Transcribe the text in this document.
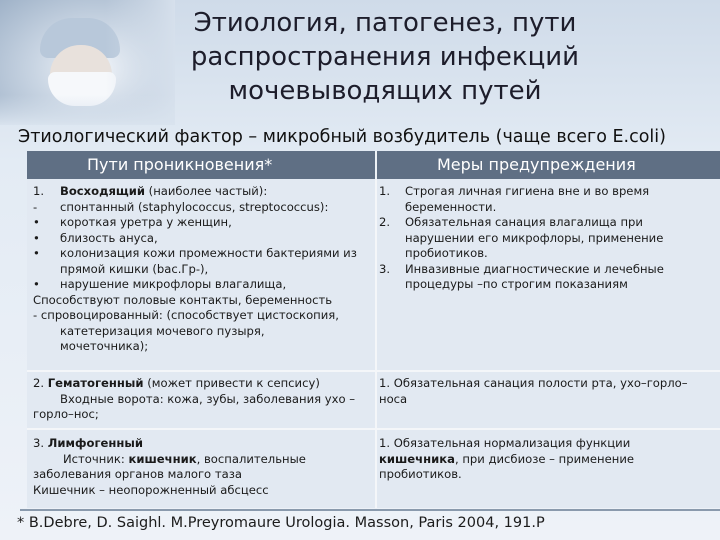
Этиология, патогенез, пути
распространения инфекций
мочевыводящих путей
Этиологический фактор – микробный возбудитель (чаще всего E.coli)
Пути проникновения*	Меры предупреждения
1. Восходящий (наиболее частый):
- спонтанный (staphylococcus, streptococcus):
• короткая уретра у женщин,
• близость ануса,
• колонизация кожи промежности бактериями из прямой кишки (bac.Гр-),
• нарушение микрофлоры влагалища,
Способствуют половые контакты, беременность
- спровоцированный: (способствует цистоскопия,
катетеризация мочевого пузыря,
мочеточника);
1. Строгая личная гигиена вне и во время беременности.
2. Обязательная санация влагалища при нарушении его микрофлоры, применение пробиотиков.
3. Инвазивные диагностические и лечебные процедуры –по строгим показаниям
2. Гематогенный (может привести к сепсису)
Входные ворота: кожа, зубы, заболевания ухо –горло–нос;
1. Обязательная санация полости рта, ухо–горло–носа
3. Лимфогенный
Источник: кишечник, воспалительные заболевания органов малого таза
Кишечник – неопорожненный абсцесс
1. Обязательная нормализация функции кишечника, при дисбиозе – применение пробиотиков.
* B.Debre, D. Saighl. M.Preyromaure Urologia. Masson, Paris 2004, 191.P
